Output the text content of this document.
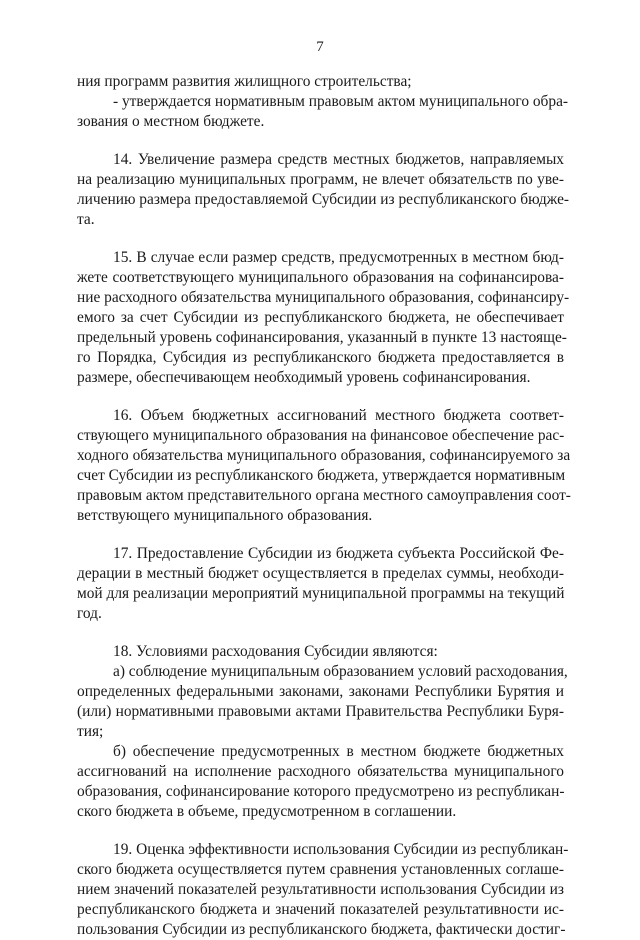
7
ния программ развития жилищного строительства;
- утверждается нормативным правовым актом муниципального обра-
зования о местном бюджете.
14. Увеличение размера средств местных бюджетов, направляемых
на реализацию муниципальных программ, не влечет обязательств по уве-
личению размера предоставляемой Субсидии из республиканского бюдже-
та.
15. В случае если размер средств, предусмотренных в местном бюд-
жете соответствующего муниципального образования на софинансирова-
ние расходного обязательства муниципального образования, софинансиру-
емого за счет Субсидии из республиканского бюджета, не обеспечивает
предельный уровень софинансирования, указанный в пункте 13 настояще-
го Порядка, Субсидия из республиканского бюджета предоставляется в
размере, обеспечивающем необходимый уровень софинансирования.
16. Объем бюджетных ассигнований местного бюджета соответ-
ствующего муниципального образования на финансовое обеспечение рас-
ходного обязательства муниципального образования, софинансируемого за
счет Субсидии из республиканского бюджета, утверждается нормативным
правовым актом представительного органа местного самоуправления соот-
ветствующего муниципального образования.
17. Предоставление Субсидии из бюджета субъекта Российской Фе-
дерации в местный бюджет осуществляется в пределах суммы, необходи-
мой для реализации мероприятий муниципальной программы на текущий
год.
18. Условиями расходования Субсидии являются:
а) соблюдение муниципальным образованием условий расходования,
определенных федеральными законами, законами Республики Бурятия и
(или) нормативными правовыми актами Правительства Республики Буря-
тия;
б) обеспечение предусмотренных в местном бюджете бюджетных
ассигнований на исполнение расходного обязательства муниципального
образования, софинансирование которого предусмотрено из республикан-
ского бюджета в объеме, предусмотренном в соглашении.
19. Оценка эффективности использования Субсидии из республикан-
ского бюджета осуществляется путем сравнения установленных соглаше-
нием значений показателей результативности использования Субсидии из
республиканского бюджета и значений показателей результативности ис-
пользования Субсидии из республиканского бюджета, фактически достиг-
